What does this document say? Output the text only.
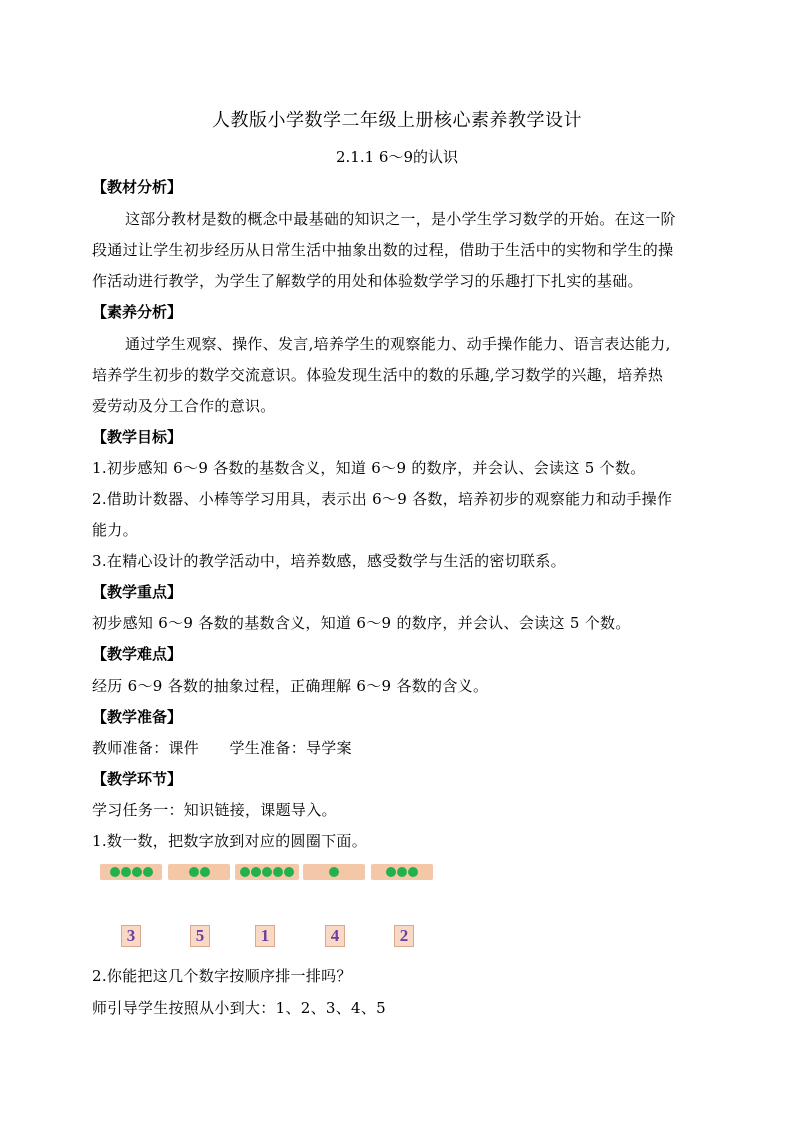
人教版小学数学二年级上册核心素养教学设计
2.1.1 6～9的认识
【教材分析】
这部分教材是数的概念中最基础的知识之一，是小学生学习数学的开始。在这一阶
段通过让学生初步经历从日常生活中抽象出数的过程，借助于生活中的实物和学生的操
作活动进行教学，为学生了解数学的用处和体验数学学习的乐趣打下扎实的基础。
【素养分析】
通过学生观察、操作、发言,培养学生的观察能力、动手操作能力、语言表达能力,
培养学生初步的数学交流意识。体验发现生活中的数的乐趣,学习数学的兴趣，培养热
爱劳动及分工合作的意识。
【教学目标】
1.初步感知 6～9 各数的基数含义，知道 6～9 的数序，并会认、会读这 5 个数。
2.借助计数器、小棒等学习用具，表示出 6～9 各数，培养初步的观察能力和动手操作
能力。
3.在精心设计的教学活动中，培养数感，感受数学与生活的密切联系。
【教学重点】
初步感知 6～9 各数的基数含义，知道 6～9 的数序，并会认、会读这 5 个数。
【教学难点】
经历 6～9 各数的抽象过程，正确理解 6～9 各数的含义。
【教学准备】
教师准备：课件      学生准备：导学案
【教学环节】
学习任务一：知识链接，课题导入。
1.数一数，把数字放到对应的圆圈下面。
3	5	1	4	2
2.你能把这几个数字按顺序排一排吗？
师引导学生按照从小到大：1、2、3、4、5
